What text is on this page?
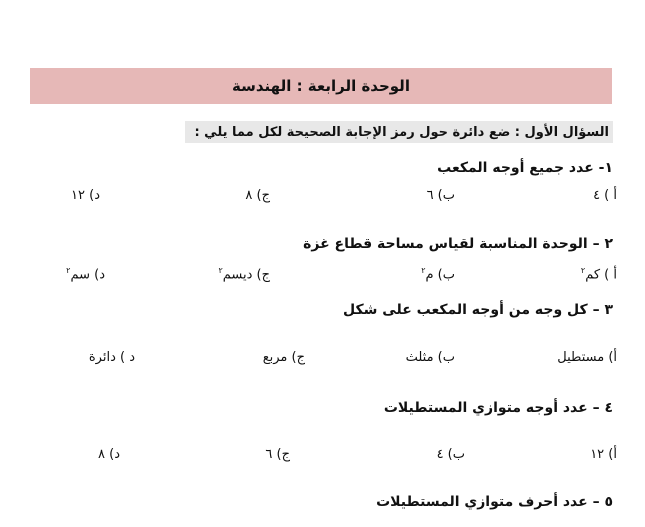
الوحدة الرابعة : الهندسة
السؤال الأول : ضع دائرة حول رمز الإجابة الصحيحة لكل مما يلي :
١- عدد جميع أوجه المكعب
أ ) ٤
ب) ٦
ج) ٨
د) ١٢
٢ – الوحدة المناسبة لقياس مساحة قطاع غزة
أ ) كم$^٢$
ب) م$^٢$
ج) ديسم$^٢$
د) سم$^٢$
٣ – كل وجه من أوجه المكعب على شكل
أ) مستطيل
ب) مثلث
ج) مربع
د ) دائرة
٤ – عدد أوجه متوازي المستطيلات
أ) ١٢
ب) ٤
ج) ٦
د) ٨
٥ – عدد أحرف متوازي المستطيلات
